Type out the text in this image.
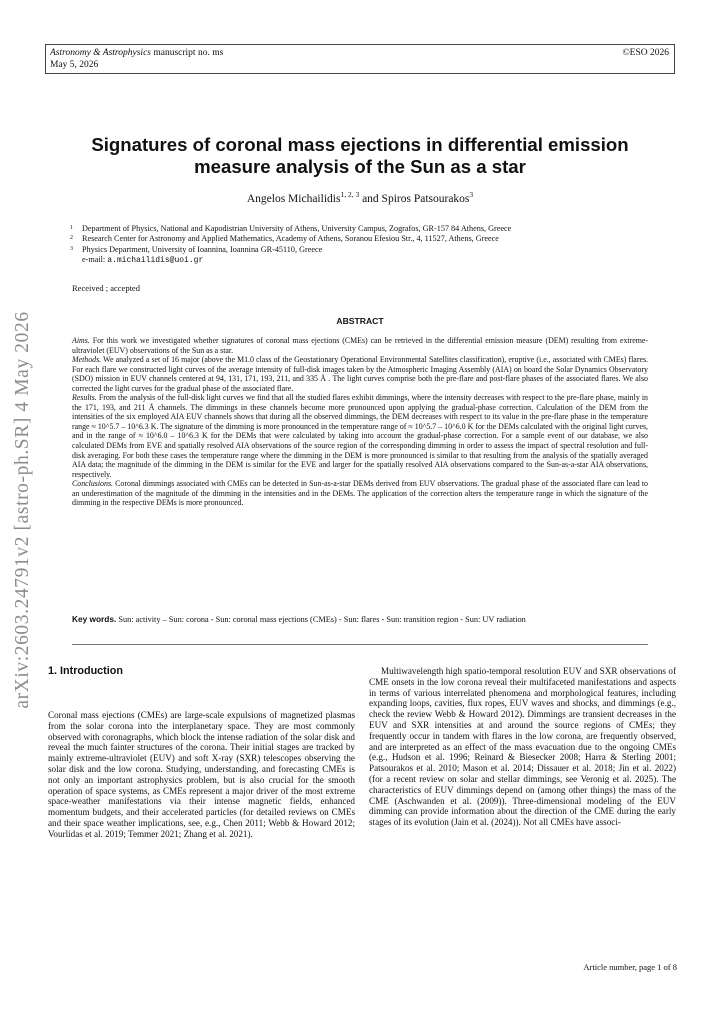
Astronomy & Astrophysics manuscript no. ms
May 5, 2026
©ESO 2026
arXiv:2603.24791v2 [astro-ph.SR] 4 May 2026
Signatures of coronal mass ejections in differential emission
measure analysis of the Sun as a star
Angelos Michailidis$^{1, 2, 3}$ and Spiros Patsourakos$^3$
1 Department of Physics, National and Kapodistrian University of Athens, University Campus, Zografos, GR-157 84 Athens, Greece
2 Research Center for Astronomy and Applied Mathematics, Academy of Athens, Soranou Efesiou Str., 4, 11527, Athens, Greece
3 Physics Department, University of Ioannina, Ioannina GR-45110, Greece
e-mail: a.michailidis@uoi.gr
Received ; accepted
ABSTRACT

Aims. For this work we investigated whether signatures of coronal mass ejections (CMEs) can be retrieved in the differential emission measure (DEM) resulting from extreme-ultraviolet (EUV) observations of the Sun as a star.

Methods. We analyzed a set of 16 major (above the M1.0 class of the Geostationary Operational Environmental Satellites classification), eruptive (i.e., associated with CMEs) flares. For each flare we constructed light curves of the average intensity of full-disk images taken by the Atmospheric Imaging Assembly (AIA) on board the Solar Dynamics Observatory (SDO) mission in EUV channels centered at 94, 131, 171, 193, 211, and 335 Å . The light curves comprise both the pre-flare and post-flare phases of the associated flares. We also corrected the light curves for the gradual phase of the associated flare.

Results. From the analysis of the full-disk light curves we find that all the studied flares exhibit dimmings, where the intensity decreases with respect to the pre-flare phase, mainly in the 171, 193, and 211 Å channels. The dimmings in these channels become more pronounced upon applying the gradual-phase correction. Calculation of the DEM from the intensities of the six employed AIA EUV channels shows that during all the observed dimmings, the DEM decreases with respect to its value in the pre-flare phase in the temperature range ≈ 10^5.7 – 10^6.3 K. The signature of the dimming is more pronounced in the temperature range of ≈ 10^5.7 – 10^6.0 K for the DEMs calculated with the original light curves, and in the range of ≈ 10^6.0 – 10^6.3 K for the DEMs that were calculated by taking into account the gradual-phase correction. For a sample event of our database, we also calculated DEMs from EVE and spatially resolved AIA observations of the source region of the corresponding dimming in order to assess the impact of spectral resolution and full-disk averaging. For both these cases the temperature range where the dimming in the DEM is more pronounced is similar to that resulting from the analysis of the spatially averaged AIA data; the magnitude of the dimming in the DEM is similar for the EVE and larger for the spatially resolved AIA observations compared to the Sun-as-a-star AIA observations, respectively.

Conclusions. Coronal dimmings associated with CMEs can be detected in Sun-as-a-star DEMs derived from EUV observations. The gradual phase of the associated flare can lead to an underestimation of the magnitude of the dimming in the intensities and in the DEMs. The application of the correction alters the temperature range in which the signature of the dimming in the respective DEMs is more pronounced.

Key words. Sun: activity – Sun: corona - Sun: coronal mass ejections (CMEs) - Sun: flares - Sun: transition region - Sun: UV radiation
1. Introduction

Coronal mass ejections (CMEs) are large-scale expulsions of magnetized plasmas from the solar corona into the interplanetary space. They are most commonly observed with coronagraphs, which block the intense radiation of the solar disk and reveal the much fainter structures of the corona. Their initial stages are tracked by mainly extreme-ultraviolet (EUV) and soft X-ray (SXR) telescopes observing the solar disk and the low corona. Studying, understanding, and forecasting CMEs is not only an important astrophysics problem, but is also crucial for the smooth operation of space systems, as CMEs represent a major driver of the most extreme space-weather manifestations via their intense magnetic fields, enhanced momentum budgets, and their accelerated particles (for detailed reviews on CMEs and their space weather implications, see, e.g., Chen 2011; Webb & Howard 2012; Vourlidas et al. 2019; Temmer 2021; Zhang et al. 2021).

Multiwavelength high spatio-temporal resolution EUV and SXR observations of CME onsets in the low corona reveal their multifaceted manifestations and aspects in terms of various interrelated phenomena and morphological features, including expanding loops, cavities, flux ropes, EUV waves and shocks, and dimmings (e.g., check the review Webb & Howard 2012). Dimmings are transient decreases in the EUV and SXR intensities at and around the source regions of CMEs; they frequently occur in tandem with flares in the low corona, are frequently observed, and are interpreted as an effect of the mass evacuation due to the ongoing CMEs (e.g., Hudson et al. 1996; Reinard & Biesecker 2008; Harra & Sterling 2001; Patsourakos et al. 2010; Mason et al. 2014; Dissauer et al. 2018; Jin et al. 2022) (for a recent review on solar and stellar dimmings, see Veronig et al. 2025). The characteristics of EUV dimmings depend on (among other things) the mass of the CME (Aschwanden et al. (2009)). Three-dimensional modeling of the EUV dimming can provide information about the direction of the CME during the early stages of its evolution (Jain et al. (2024)). Not all CMEs have associ-

Article number, page 1 of 8
